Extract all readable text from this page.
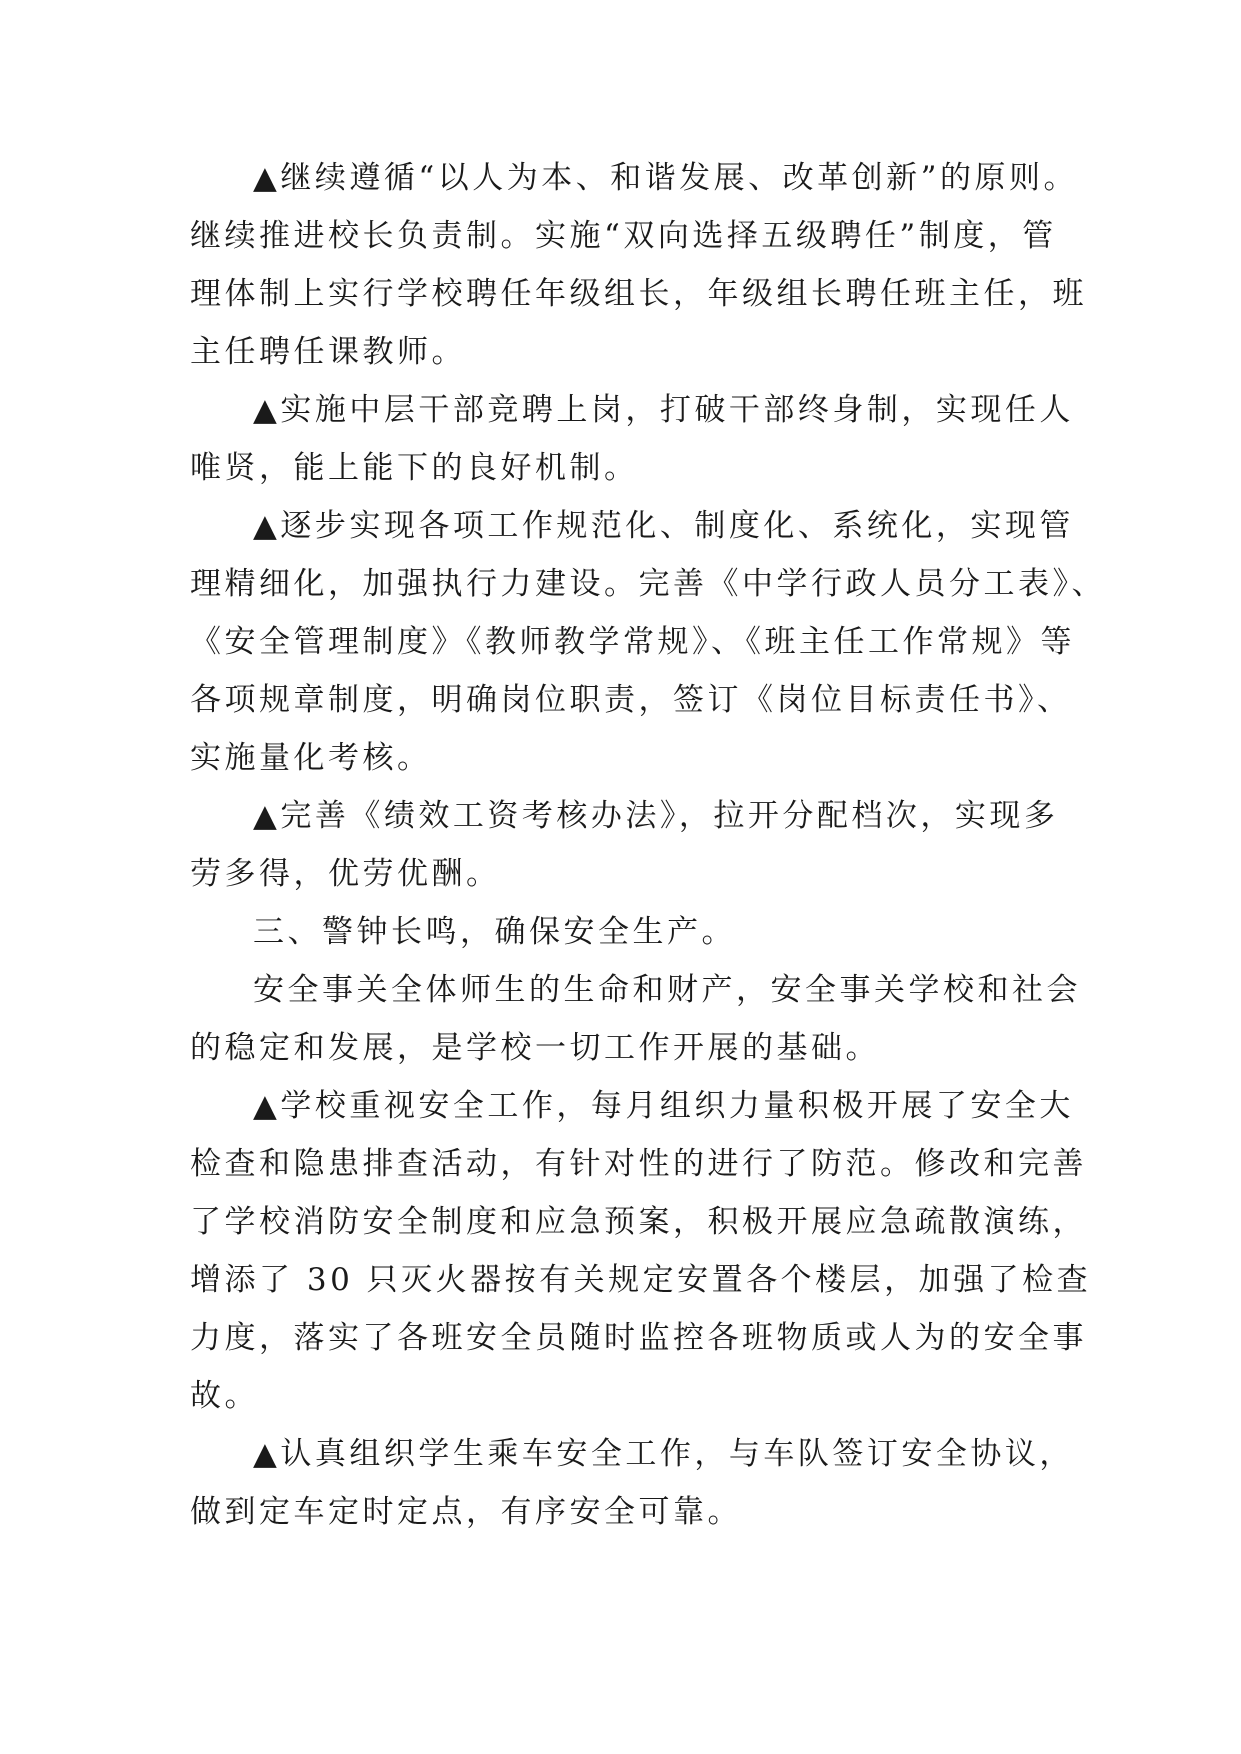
▲继续遵循“以人为本、和谐发展、改革创新”的原则。
继续推进校长负责制。实施“双向选择五级聘任”制度，管
理体制上实行学校聘任年级组长，年级组长聘任班主任，班
主任聘任课教师。
▲实施中层干部竞聘上岗，打破干部终身制，实现任人
唯贤，能上能下的良好机制。
▲逐步实现各项工作规范化、制度化、系统化，实现管
理精细化，加强执行力建设。完善《中学行政人员分工表》、
《安全管理制度》《教师教学常规》、《班主任工作常规》等
各项规章制度，明确岗位职责，签订《岗位目标责任书》、
实施量化考核。
▲完善《绩效工资考核办法》，拉开分配档次，实现多
劳多得，优劳优酬。
三、警钟长鸣，确保安全生产。
安全事关全体师生的生命和财产，安全事关学校和社会
的稳定和发展，是学校一切工作开展的基础。
▲学校重视安全工作，每月组织力量积极开展了安全大
检查和隐患排查活动，有针对性的进行了防范。修改和完善
了学校消防安全制度和应急预案，积极开展应急疏散演练，
增添了 30 只灭火器按有关规定安置各个楼层，加强了检查
力度，落实了各班安全员随时监控各班物质或人为的安全事
故。
▲认真组织学生乘车安全工作，与车队签订安全协议，
做到定车定时定点，有序安全可靠。
